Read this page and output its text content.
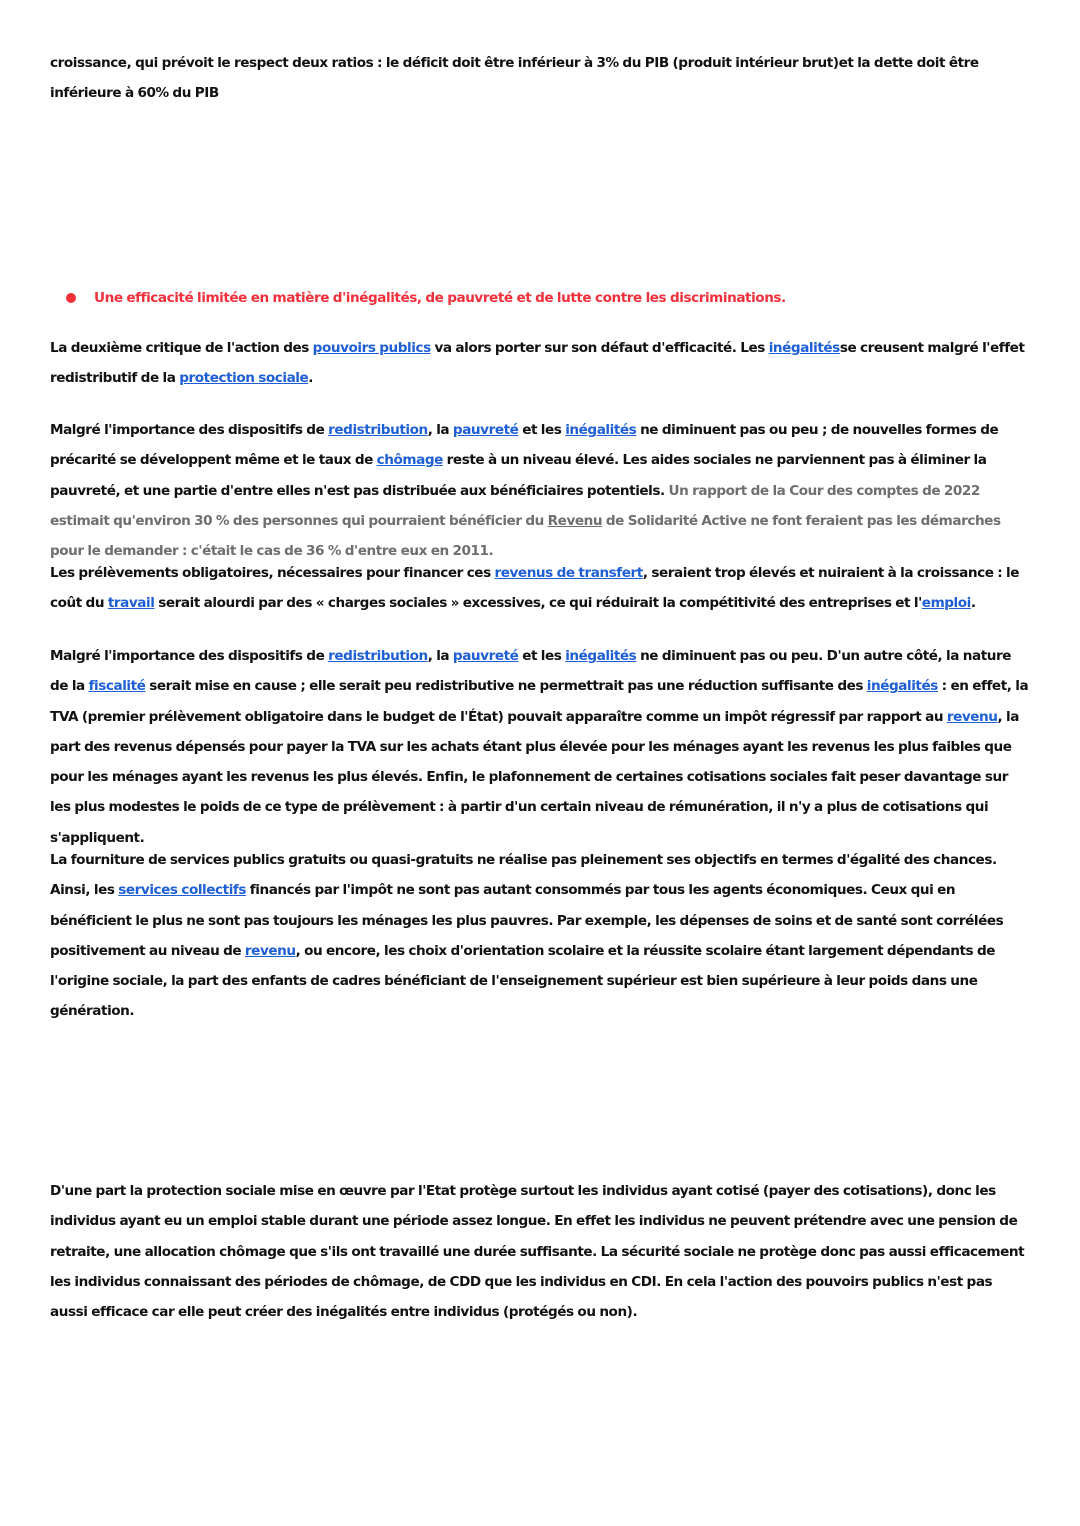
croissance, qui prévoit le respect deux ratios : le déficit doit être inférieur à 3% du PIB (produit intérieur brut)et la dette doit être inférieure à 60% du PIB

Une efficacité limitée en matière d'inégalités, de pauvreté et de lutte contre les discriminations.

La deuxième critique de l'action des pouvoirs publics va alors porter sur son défaut d'efficacité. Les inégalitésse creusent malgré l'effet redistributif de la protection sociale.

Malgré l'importance des dispositifs de redistribution, la pauvreté et les inégalités ne diminuent pas ou peu ; de nouvelles formes de précarité se développent même et le taux de chômage reste à un niveau élevé. Les aides sociales ne parviennent pas à éliminer la pauvreté, et une partie d'entre elles n'est pas distribuée aux bénéficiaires potentiels. Un rapport de la Cour des comptes de 2022 estimait qu'environ 30 % des personnes qui pourraient bénéficier du Revenu de Solidarité Active ne font feraient pas les démarches pour le demander : c'était le cas de 36 % d'entre eux en 2011.

Les prélèvements obligatoires, nécessaires pour financer ces revenus de transfert, seraient trop élevés et nuiraient à la croissance : le coût du travail serait alourdi par des « charges sociales » excessives, ce qui réduirait la compétitivité des entreprises et l'emploi.

Malgré l'importance des dispositifs de redistribution, la pauvreté et les inégalités ne diminuent pas ou peu. D'un autre côté, la nature de la fiscalité serait mise en cause ; elle serait peu redistributive ne permettrait pas une réduction suffisante des inégalités : en effet, la TVA (premier prélèvement obligatoire dans le budget de l'État) pouvait apparaître comme un impôt régressif par rapport au revenu, la part des revenus dépensés pour payer la TVA sur les achats étant plus élevée pour les ménages ayant les revenus les plus faibles que pour les ménages ayant les revenus les plus élevés. Enfin, le plafonnement de certaines cotisations sociales fait peser davantage sur les plus modestes le poids de ce type de prélèvement : à partir d'un certain niveau de rémunération, il n'y a plus de cotisations qui s'appliquent.

La fourniture de services publics gratuits ou quasi-gratuits ne réalise pas pleinement ses objectifs en termes d'égalité des chances. Ainsi, les services collectifs financés par l'impôt ne sont pas autant consommés par tous les agents économiques. Ceux qui en bénéficient le plus ne sont pas toujours les ménages les plus pauvres. Par exemple, les dépenses de soins et de santé sont corrélées positivement au niveau de revenu, ou encore, les choix d'orientation scolaire et la réussite scolaire étant largement dépendants de l'origine sociale, la part des enfants de cadres bénéficiant de l'enseignement supérieur est bien supérieure à leur poids dans une génération.

D'une part la protection sociale mise en œuvre par l'Etat protège surtout les individus ayant cotisé (payer des cotisations), donc les individus ayant eu un emploi stable durant une période assez longue. En effet les individus ne peuvent prétendre avec une pension de retraite, une allocation chômage que s'ils ont travaillé une durée suffisante. La sécurité sociale ne protège donc pas aussi efficacement les individus connaissant des périodes de chômage, de CDD que les individus en CDI. En cela l'action des pouvoirs publics n'est pas aussi efficace car elle peut créer des inégalités entre individus (protégés ou non).
